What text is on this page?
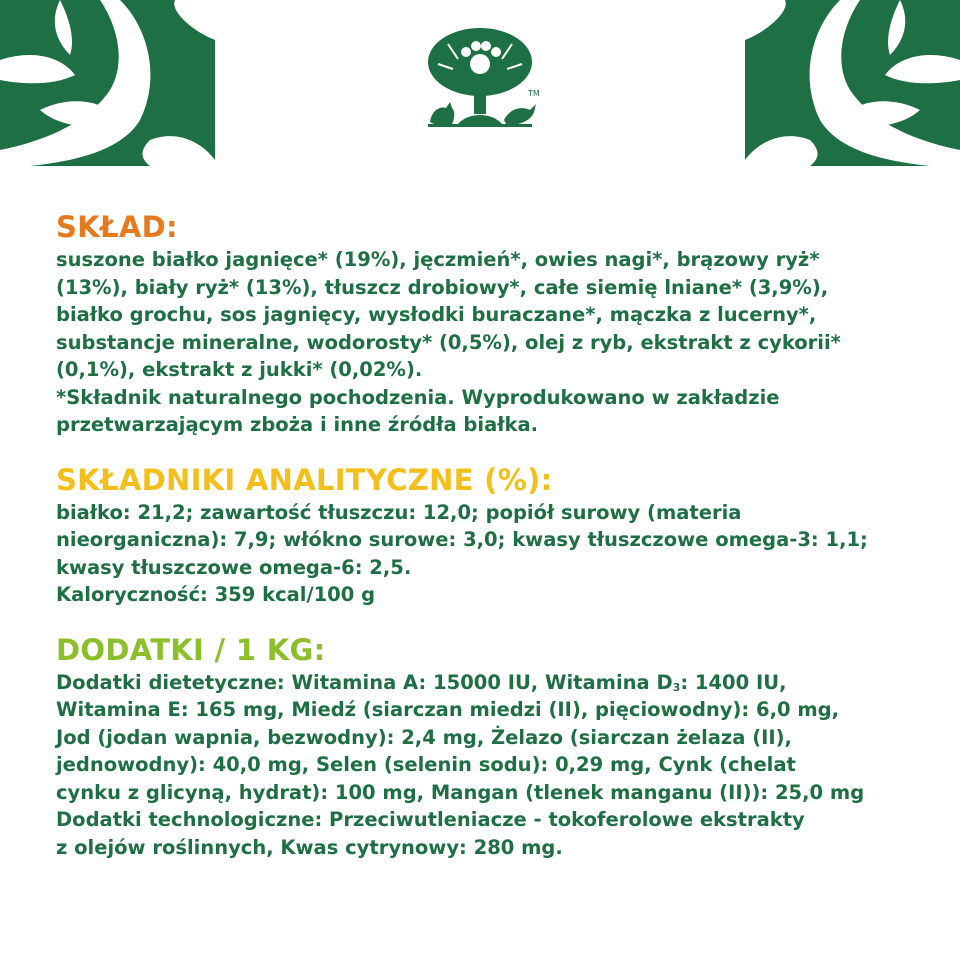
TM
SKŁAD:

suszone białko jagnięce* (19%), jęczmień*, owies nagi*, brązowy ryż*

(13%), biały ryż* (13%), tłuszcz drobiowy*, całe siemię lniane* (3,9%),

białko grochu, sos jagnięcy, wysłodki buraczane*, mączka z lucerny*,

substancje mineralne, wodorosty* (0,5%), olej z ryb, ekstrakt z cykorii*

(0,1%), ekstrakt z jukki* (0,02%).

*Składnik naturalnego pochodzenia. Wyprodukowano w zakładzie

przetwarzającym zboża i inne źródła białka.

SKŁADNIKI ANALITYCZNE (%):

białko: 21,2; zawartość tłuszczu: 12,0; popiół surowy (materia

nieorganiczna): 7,9; włókno surowe: 3,0; kwasy tłuszczowe omega-3: 1,1;

kwasy tłuszczowe omega-6: 2,5.

Kaloryczność: 359 kcal/100 g

DODATKI / 1 KG:

Dodatki dietetyczne: Witamina A: 15000 IU, Witamina $D_3$: 1400 IU,

Witamina E: 165 mg, Miedź (siarczan miedzi (II), pięciowodny): 6,0 mg,

Jod (jodan wapnia, bezwodny): 2,4 mg, Żelazo (siarczan żelaza (II),

jednowodny): 40,0 mg, Selen (selenin sodu): 0,29 mg, Cynk (chelat

cynku z glicyną, hydrat): 100 mg, Mangan (tlenek manganu (II)): 25,0 mg

Dodatki technologiczne: Przeciwutleniacze - tokoferolowe ekstrakty

z olejów roślinnych, Kwas cytrynowy: 280 mg.
